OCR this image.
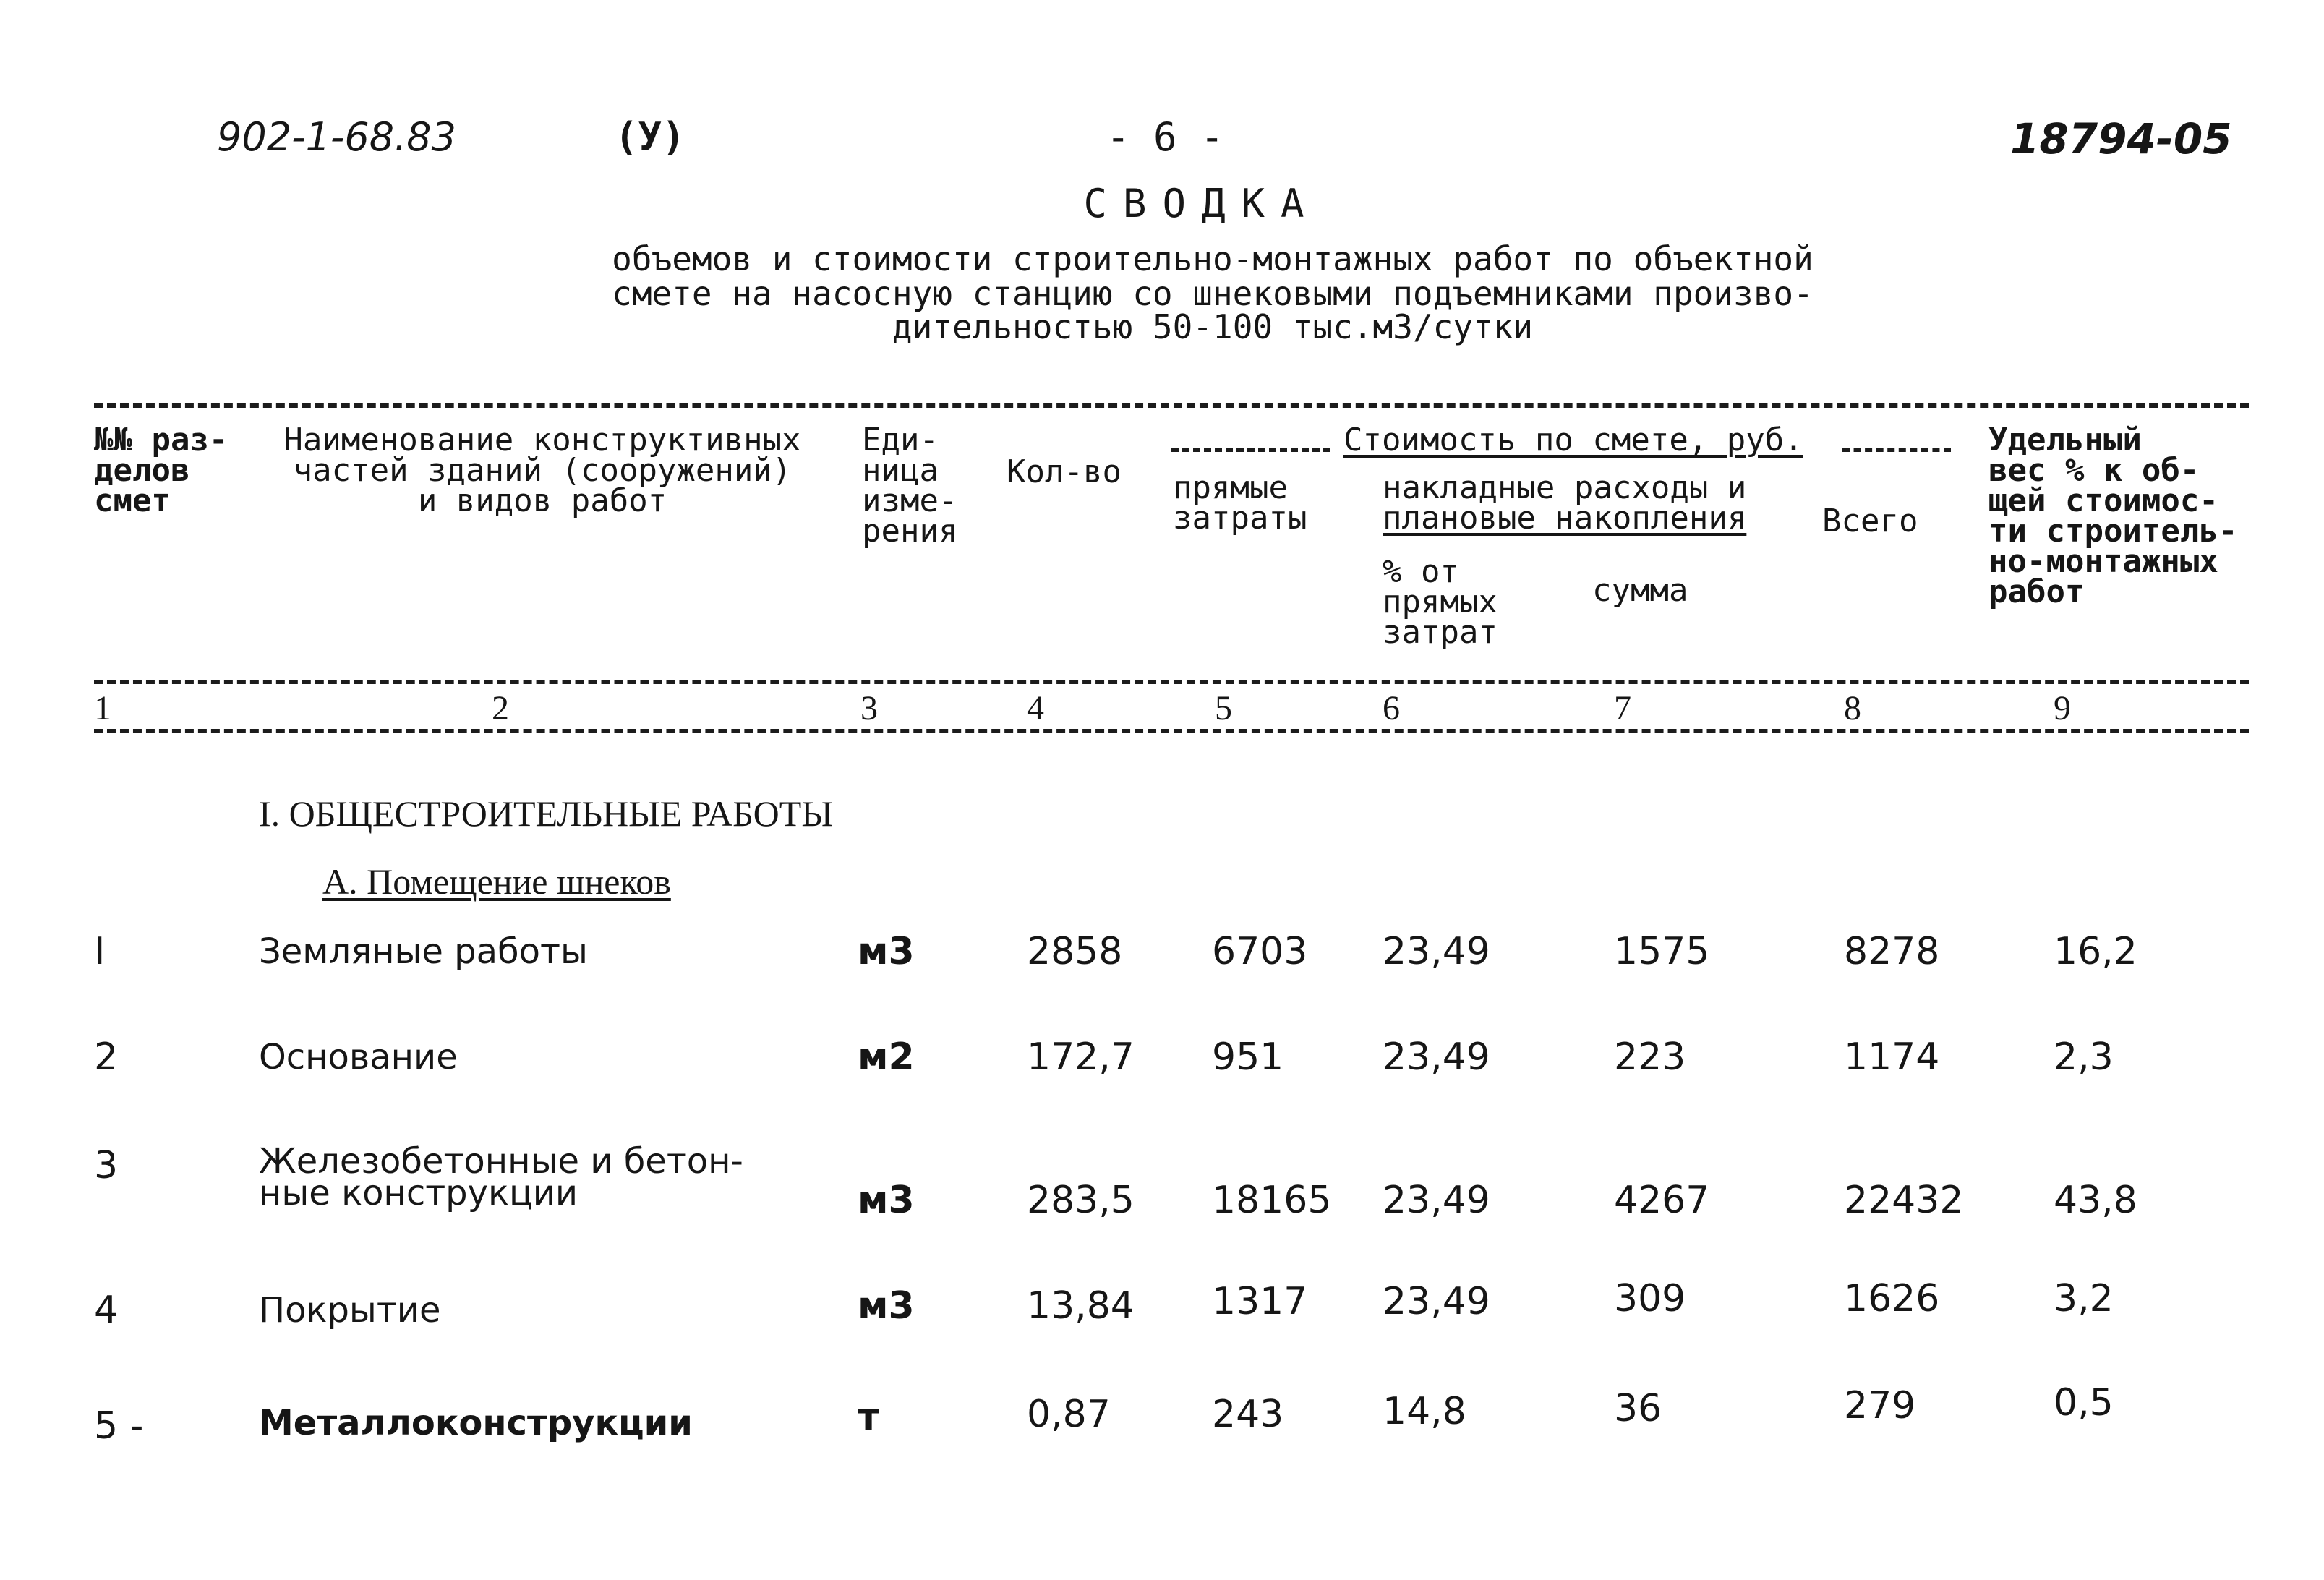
902-1-68.83	(У)	- 6 -	18794-05
СВОДКА
объемов и стоимости строительно-монтажных работ по объектной
смете на насосную станцию со шнековыми подъемниками произво-
дительностью 50-100 тыс.м3/сутки
№№ раз-
делов
смет
Наименование конструктивных
частей зданий (сооружений)
и видов работ
Еди-
ница
изме-
рения
Кол-во
Стоимость по смете, руб.
прямые
затраты
накладные расходы и
плановые накопления
% от
прямых
затрат
сумма
Всего
Удельный
вес % к об-
щей стоимос-
ти строитель-
но-монтажных
работ
1	2	3	4	5	6	7	8	9
I. ОБЩЕСТРОИТЕЛЬНЫЕ РАБОТЫ
А. Помещение шнеков
I	Земляные работы	м3	2858 6703 23,49	1575	8278	16,2
2	Основание	м2	172,7 951	23,49	223	1174	2,3
3	Железобетонные и бетон-
ные конструкции	м3	283,5 18165 23,49	4267	22432 43,8
4	Покрытие	м3	13,84 1317 23,49	309	1626	3,2
5 -	Металлоконструкции	т	0,87	243	14,8	36	279	0,5
